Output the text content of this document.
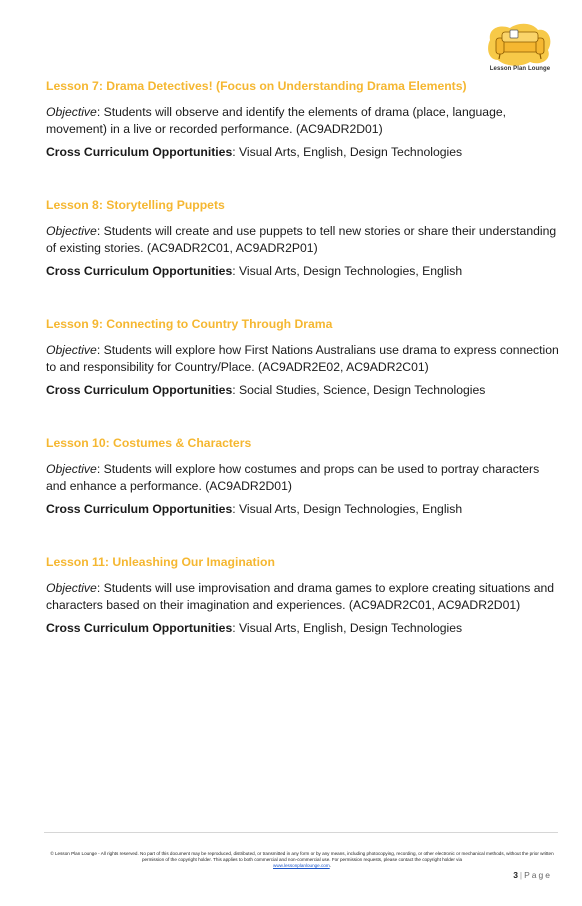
Lesson Plan Lounge

Lesson 7: Drama Detectives! (Focus on Understanding Drama Elements)

Objective: Students will observe and identify the elements of drama (place, language, movement) in a live or recorded performance. (AC9ADR2D01)

Cross Curriculum Opportunities: Visual Arts, English, Design Technologies

Lesson 8: Storytelling Puppets

Objective: Students will create and use puppets to tell new stories or share their understanding of existing stories. (AC9ADR2C01, AC9ADR2P01)

Cross Curriculum Opportunities: Visual Arts, Design Technologies, English

Lesson 9: Connecting to Country Through Drama

Objective: Students will explore how First Nations Australians use drama to express connection to and responsibility for Country/Place. (AC9ADR2E02, AC9ADR2C01)

Cross Curriculum Opportunities: Social Studies, Science, Design Technologies

Lesson 10: Costumes & Characters

Objective: Students will explore how costumes and props can be used to portray characters and enhance a performance. (AC9ADR2D01)

Cross Curriculum Opportunities: Visual Arts, Design Technologies, English

Lesson 11: Unleashing Our Imagination

Objective: Students will use improvisation and drama games to explore creating situations and characters based on their imagination and experiences. (AC9ADR2C01, AC9ADR2D01)

Cross Curriculum Opportunities: Visual Arts, English, Design Technologies

© Lesson Plan Lounge - All rights reserved. No part of this document may be reproduced, distributed, or transmitted in any form or by any means, including photocopying, recording, or other electronic or mechanical methods, without the prior written permission of the copyright holder. This applies to both commercial and non-commercial use. For permission requests, please contact the copyright holder via
www.lessonplanlounge.com.
3 | Page
